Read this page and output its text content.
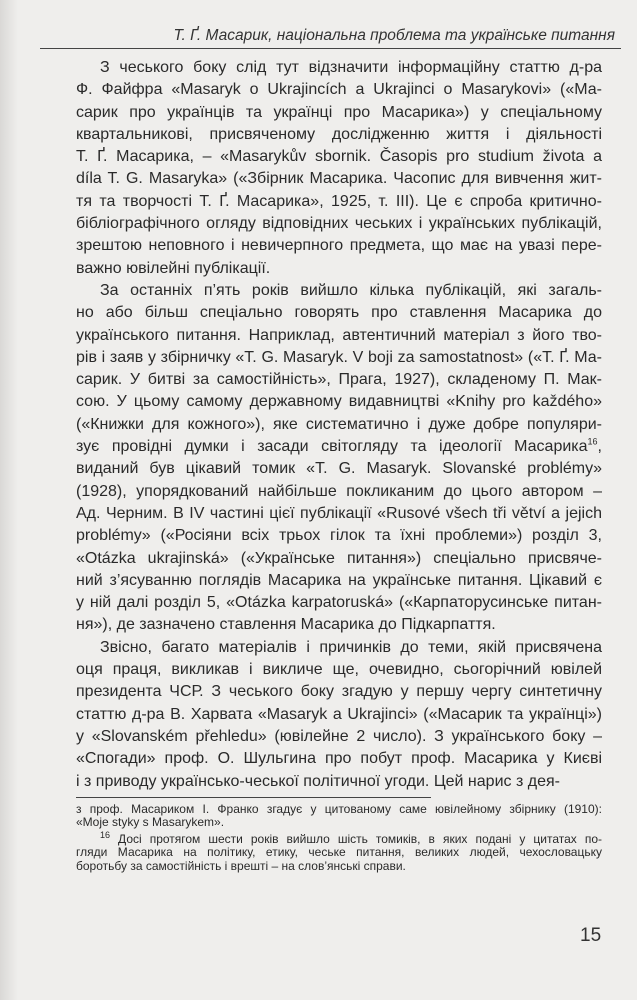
Т. Ґ. Масарик, національна проблема та українське питання
З чеського боку слід тут відзначити інформаційну статтю д-ра
Ф. Файфра «Masaryk o Ukrajincích a Ukrajinci o Masarykovi» («Ма-
сарик про українців та українці про Масарика») у спеціальному
квартальникові, присвяченому дослідженню життя і діяльності
Т. Ґ. Масарика, – «Masarykův sbornik. Časopis pro studium života a
díla T. G. Masaryka» («Збірник Масарика. Часопис для вивчення жит-
тя та творчості Т. Ґ. Масарика», 1925, т. ІІІ). Це є спроба критично-
бібліографічного огляду відповідних чеських і українських публікацій,
зрештою неповного і невичерпного предмета, що має на увазі пере-
важно ювілейні публікації.
За останніх п’ять років вийшло кілька публікацій, які загаль-
но або більш спеціально говорять про ставлення Масарика до
українського питання. Наприклад, автентичний матеріал з його тво-
рів і заяв у збірничку «T. G. Masaryk. V boji za samostatnost» («Т. Ґ. Ма-
сарик. У битві за самостійність», Прага, 1927), складеному П. Мак-
сою. У цьому самому державному видавництві «Knihy pro každého»
(«Книжки для кожного»), яке систематично і дуже добре популяри-
зує провідні думки і засади світогляду та ідеології Масарика$^{16}$,
виданий був цікавий томик «T. G. Masaryk. Slovanské problémy»
(1928), упорядкований найбільше покликаним до цього автором –
Ад. Черним. В IV частині цієї публікації «Rusové všech tři větví a jejich
problémy» («Росіяни всіх трьох гілок та їхні проблеми») розділ 3,
«Otázka ukrajinská» («Українське питання») спеціально присвяче-
ний з’ясуванню поглядів Масарика на українське питання. Цікавий є
у ній далі розділ 5, «Otázka karpatoruská» («Карпаторусинське питан-
ня»), де зазначено ставлення Масарика до Підкарпаття.
Звісно, багато матеріалів і причинків до теми, якій присвячена
оця праця, викликав і викличе ще, очевидно, сьогорічний ювілей
президента ЧСР. З чеського боку згадую у першу чергу синтетичну
статтю д-ра В. Харвата «Masaryk a Ukrajinci» («Масарик та українці»)
у «Slovanském přehledu» (ювілейне 2 число). З українського боку –
«Спогади» проф. О. Шульгина про побут проф. Масарика у Києві
і з приводу українсько-чеської політичної угоди. Цей нарис з дея-
з проф. Масариком І. Франко згадує у цитованому саме ювілейному збірнику (1910):
«Moje styky s Masarykem».
$^{16}$ Досі протягом шести років вийшло шість томиків, в яких подані у цитатах по-
гляди Масарика на політику, етику, чеське питання, великих людей, чехословацьку
боротьбу за самостійність і врешті – на слов’янські справи.
15
